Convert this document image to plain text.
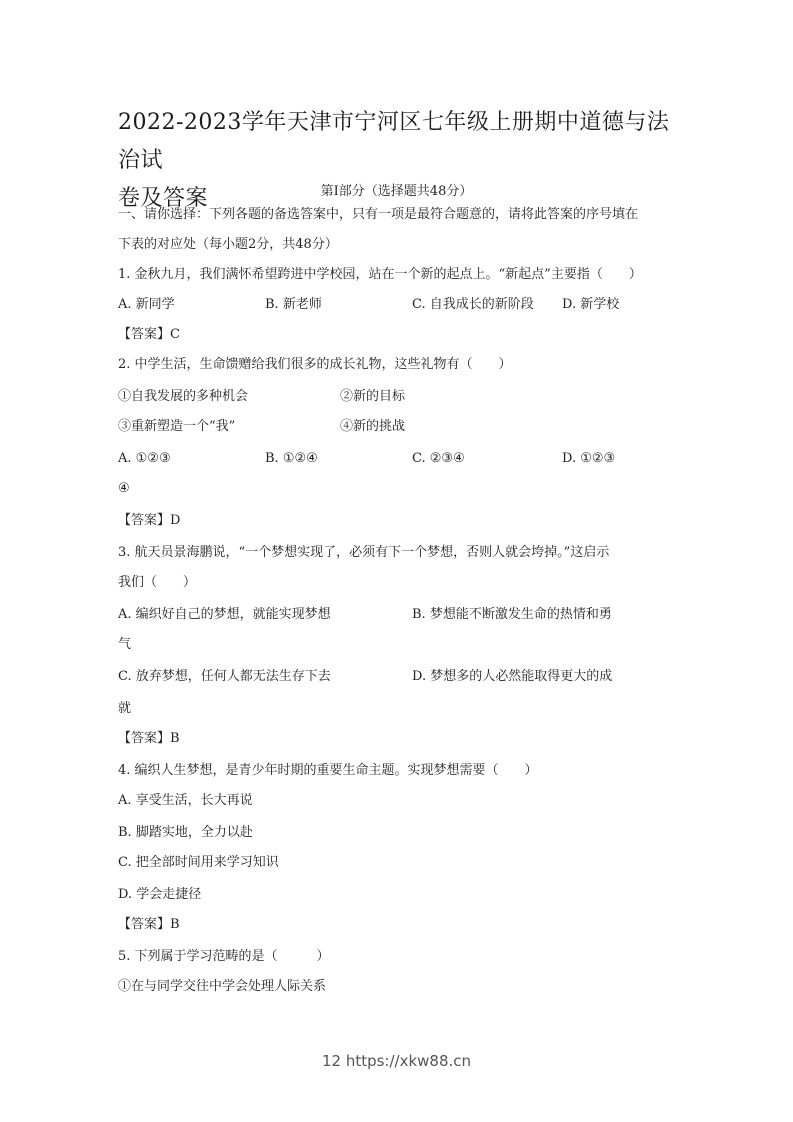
2022-2023学年天津市宁河区七年级上册期中道德与法治试
卷及答案	第Ⅰ部分（选择题共48分）
一、请你选择：下列各题的备选答案中，只有一项是最符合题意的，请将此答案的序号填在
下表的对应处（每小题2分，共48分）
1. 金秋九月，我们满怀希望跨进中学校园，站在一个新的起点上。“新起点”主要指（　　）
A. 新同学	B. 新老师	C. 自我成长的新阶段 D. 新学校
【答案】C
2. 中学生活，生命馈赠给我们很多的成长礼物，这些礼物有（　　）
①自我发展的多种机会	②新的目标
③重新塑造一个“我”	④新的挑战
A. ①②③	B. ①②④	C. ②③④	D. ①②③
④
【答案】D
3. 航天员景海鹏说，“一个梦想实现了，必须有下一个梦想，否则人就会垮掉。”这启示
我们（　　）
A. 编织好自己的梦想，就能实现梦想	B. 梦想能不断激发生命的热情和勇
气
C. 放弃梦想，任何人都无法生存下去	D. 梦想多的人必然能取得更大的成
就
【答案】B
4. 编织人生梦想，是青少年时期的重要生命主题。实现梦想需要（　　）
A. 享受生活，长大再说
B. 脚踏实地，全力以赴
C. 把全部时间用来学习知识
D. 学会走捷径
【答案】B
5. 下列属于学习范畴的是（　　　）
①在与同学交往中学会处理人际关系
12 https://xkw88.cn
